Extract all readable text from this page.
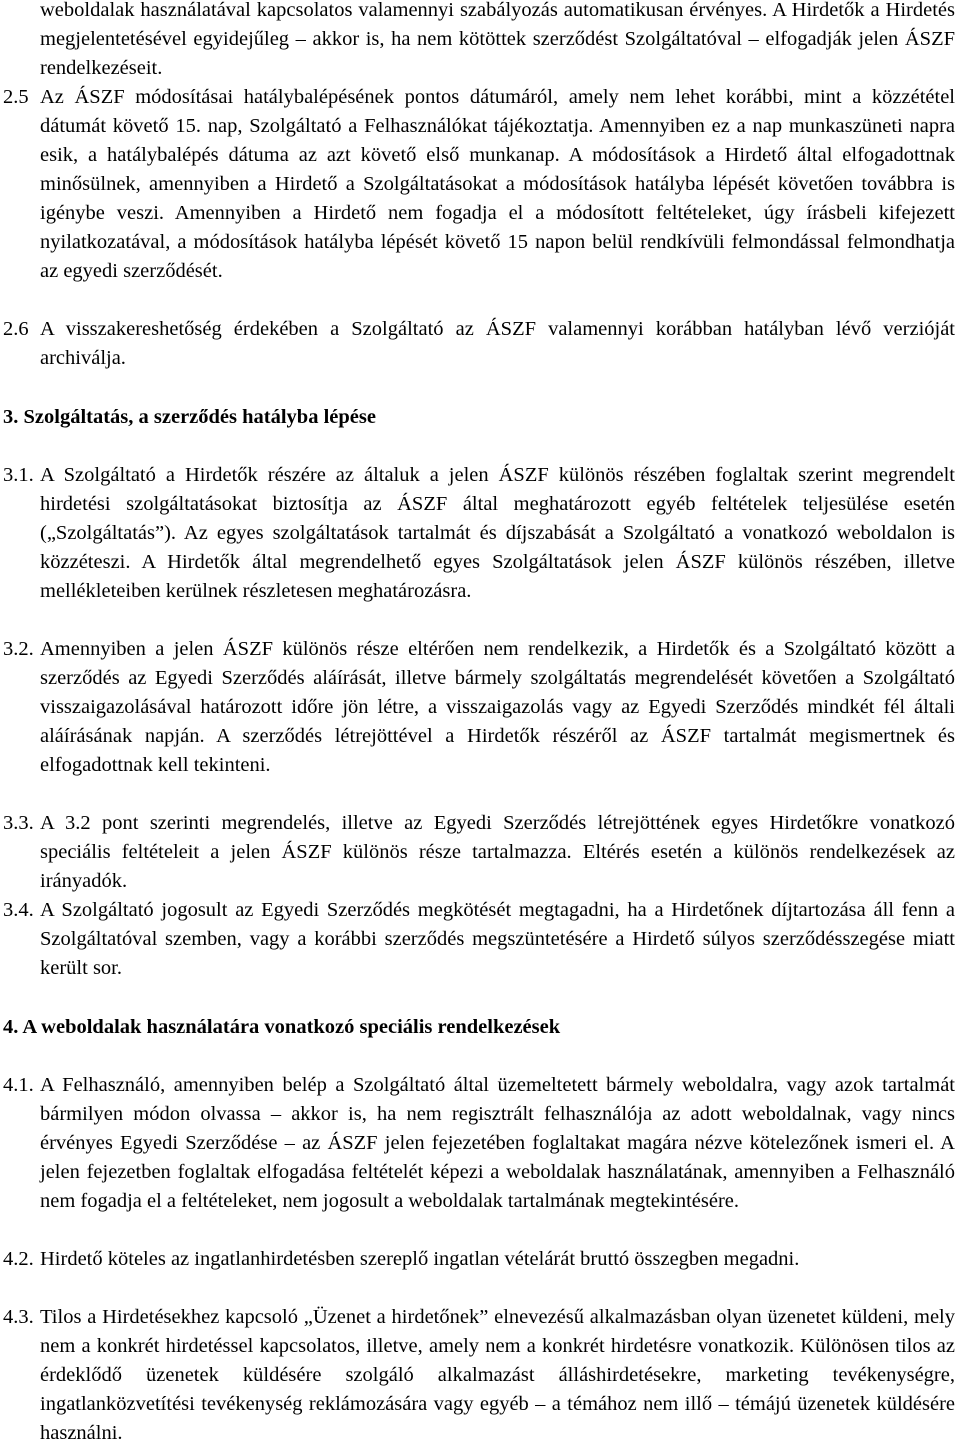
weboldalak használatával kapcsolatos valamennyi szabályozás automatikusan érvényes. A Hirdetők a Hirdetés megjelentetésével egyidejűleg – akkor is, ha nem kötöttek szerződést Szolgáltatóval – elfogadják jelen ÁSZF rendelkezéseit.

2.5 Az ÁSZF módosításai hatálybalépésének pontos dátumáról, amely nem lehet korábbi, mint a közzététel dátumát követő 15. nap, Szolgáltató a Felhasználókat tájékoztatja. Amennyiben ez a nap munkaszüneti napra esik, a hatálybalépés dátuma az azt követő első munkanap. A módosítások a Hirdető által elfogadottnak minősülnek, amennyiben a Hirdető a Szolgáltatásokat a módosítások hatályba lépését követően továbbra is igénybe veszi. Amennyiben a Hirdető nem fogadja el a módosított feltételeket, úgy írásbeli kifejezett nyilatkozatával, a módosítások hatályba lépését követő 15 napon belül rendkívüli felmondással felmondhatja az egyedi szerződését.
2.6 A visszakereshetőség érdekében a Szolgáltató az ÁSZF valamennyi korábban hatályban lévő verzióját archiválja.
3. Szolgáltatás, a szerződés hatályba lépése
3.1. A Szolgáltató a Hirdetők részére az általuk a jelen ÁSZF különös részében foglaltak szerint megrendelt hirdetési szolgáltatásokat biztosítja az ÁSZF által meghatározott egyéb feltételek teljesülése esetén („Szolgáltatás”). Az egyes szolgáltatások tartalmát és díjszabását a Szolgáltató a vonatkozó weboldalon is közzéteszi. A Hirdetők által megrendelhető egyes Szolgáltatások jelen ÁSZF különös részében, illetve mellékleteiben kerülnek részletesen meghatározásra.
3.2. Amennyiben a jelen ÁSZF különös része eltérően nem rendelkezik, a Hirdetők és a Szolgáltató között a szerződés az Egyedi Szerződés aláírását, illetve bármely szolgáltatás megrendelését követően a Szolgáltató visszaigazolásával határozott időre jön létre, a visszaigazolás vagy az Egyedi Szerződés mindkét fél általi aláírásának napján. A szerződés létrejöttével a Hirdetők részéről az ÁSZF tartalmát megismertnek és elfogadottnak kell tekinteni.
3.3. A 3.2 pont szerinti megrendelés, illetve az Egyedi Szerződés létrejöttének egyes Hirdetőkre vonatkozó speciális feltételeit a jelen ÁSZF különös része tartalmazza. Eltérés esetén a különös rendelkezések az irányadók.
3.4. A Szolgáltató jogosult az Egyedi Szerződés megkötését megtagadni, ha a Hirdetőnek díjtartozása áll fenn a Szolgáltatóval szemben, vagy a korábbi szerződés megszüntetésére a Hirdető súlyos szerződésszegése miatt került sor.
4. A weboldalak használatára vonatkozó speciális rendelkezések
4.1. A Felhasználó, amennyiben belép a Szolgáltató által üzemeltetett bármely weboldalra, vagy azok tartalmát bármilyen módon olvassa – akkor is, ha nem regisztrált felhasználója az adott weboldalnak, vagy nincs érvényes Egyedi Szerződése – az ÁSZF jelen fejezetében foglaltakat magára nézve kötelezőnek ismeri el. A jelen fejezetben foglaltak elfogadása feltételét képezi a weboldalak használatának, amennyiben a Felhasználó nem fogadja el a feltételeket, nem jogosult a weboldalak tartalmának megtekintésére.
4.2. Hirdető köteles az ingatlanhirdetésben szereplő ingatlan vételárát bruttó összegben megadni.
4.3. Tilos a Hirdetésekhez kapcsoló „Üzenet a hirdetőnek” elnevezésű alkalmazásban olyan üzenetet küldeni, mely nem a konkrét hirdetéssel kapcsolatos, illetve, amely nem a konkrét hirdetésre vonatkozik. Különösen tilos az érdeklődő üzenetek küldésére szolgáló alkalmazást álláshirdetésekre, marketing tevékenységre, ingatlanközvetítési tevékenység reklámozására vagy egyéb – a témához nem illő – témájú üzenetek küldésére használni.
